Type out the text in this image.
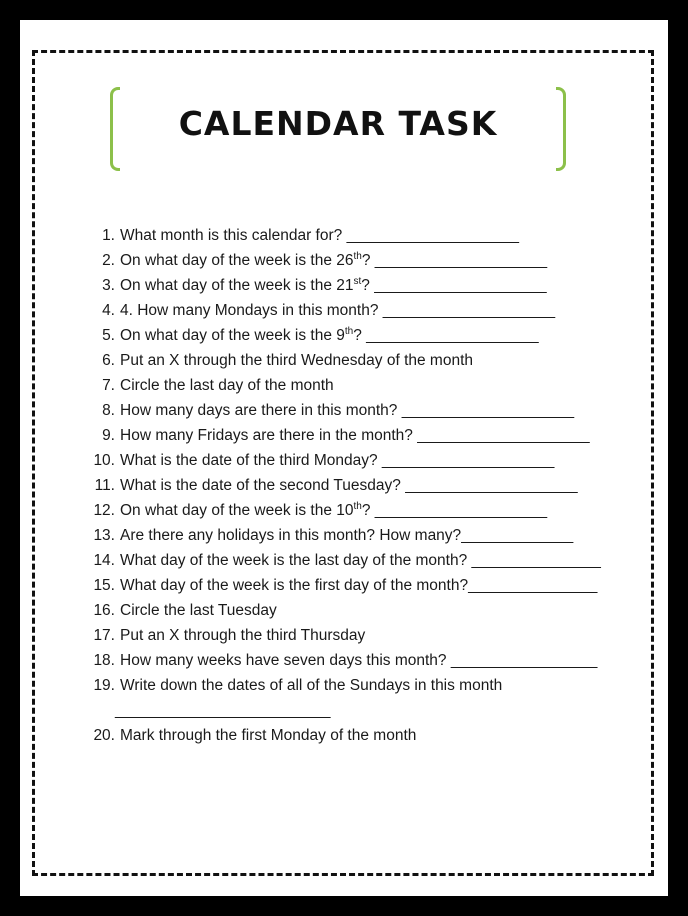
CALENDAR TASK
1. What month is this calendar for? ____________________
2. On what day of the week is the 26th? ____________________
3. On what day of the week is the 21st? ____________________
4. 4. How many Mondays in this month? ____________________
5. On what day of the week is the 9th? ____________________
6. Put an X through the third Wednesday of the month
7. Circle the last day of the month
8. How many days are there in this month? ____________________
9. How many Fridays are there in the month? ____________________
10. What is the date of the third Monday? ____________________
11. What is the date of the second Tuesday? ____________________
12. On what day of the week is the 10th? ____________________
13. Are there any holidays in this month? How many?_____________
14. What day of the week is the last day of the month? _______________
15. What day of the week is the first day of the month?_______________
16. Circle the last Tuesday
17. Put an X through the third Thursday
18. How many weeks have seven days this month? _________________
19. Write down the dates of all of the Sundays in this month
_________________________
20. Mark through the first Monday of the month
